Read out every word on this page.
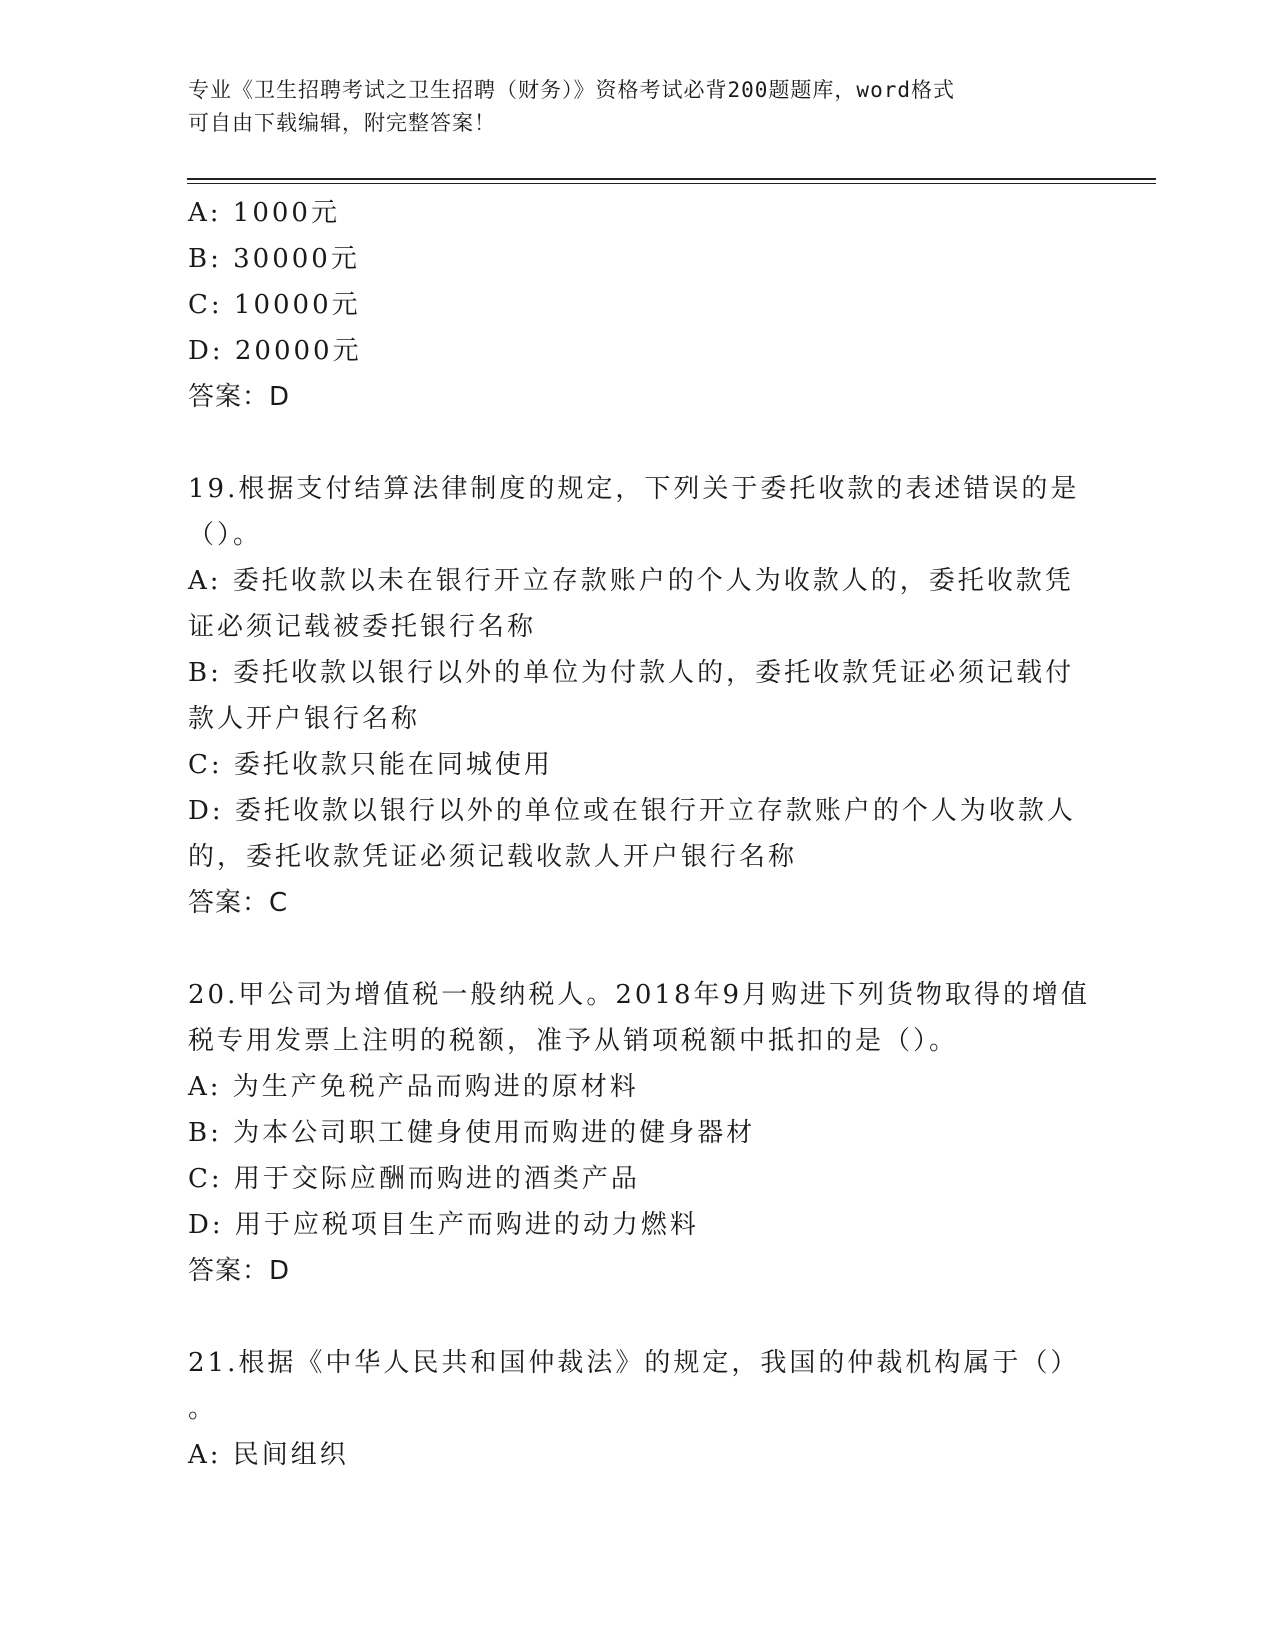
专业《卫生招聘考试之卫生招聘（财务）》资格考试必背200题题库，word格式
可自由下载编辑，附完整答案！
A: 1000元
B: 30000元
C: 10000元
D: 20000元
答案：D
19.根据支付结算法律制度的规定，下列关于委托收款的表述错误的是
（）。
A: 委托收款以未在银行开立存款账户的个人为收款人的，委托收款凭
证必须记载被委托银行名称
B: 委托收款以银行以外的单位为付款人的，委托收款凭证必须记载付
款人开户银行名称
C: 委托收款只能在同城使用
D: 委托收款以银行以外的单位或在银行开立存款账户的个人为收款人
的，委托收款凭证必须记载收款人开户银行名称
答案：C
20.甲公司为增值税一般纳税人。2018年9月购进下列货物取得的增值
税专用发票上注明的税额，准予从销项税额中抵扣的是（）。
A: 为生产免税产品而购进的原材料
B: 为本公司职工健身使用而购进的健身器材
C: 用于交际应酬而购进的酒类产品
D: 用于应税项目生产而购进的动力燃料
答案：D
21.根据《中华人民共和国仲裁法》的规定，我国的仲裁机构属于（）
。
A: 民间组织
